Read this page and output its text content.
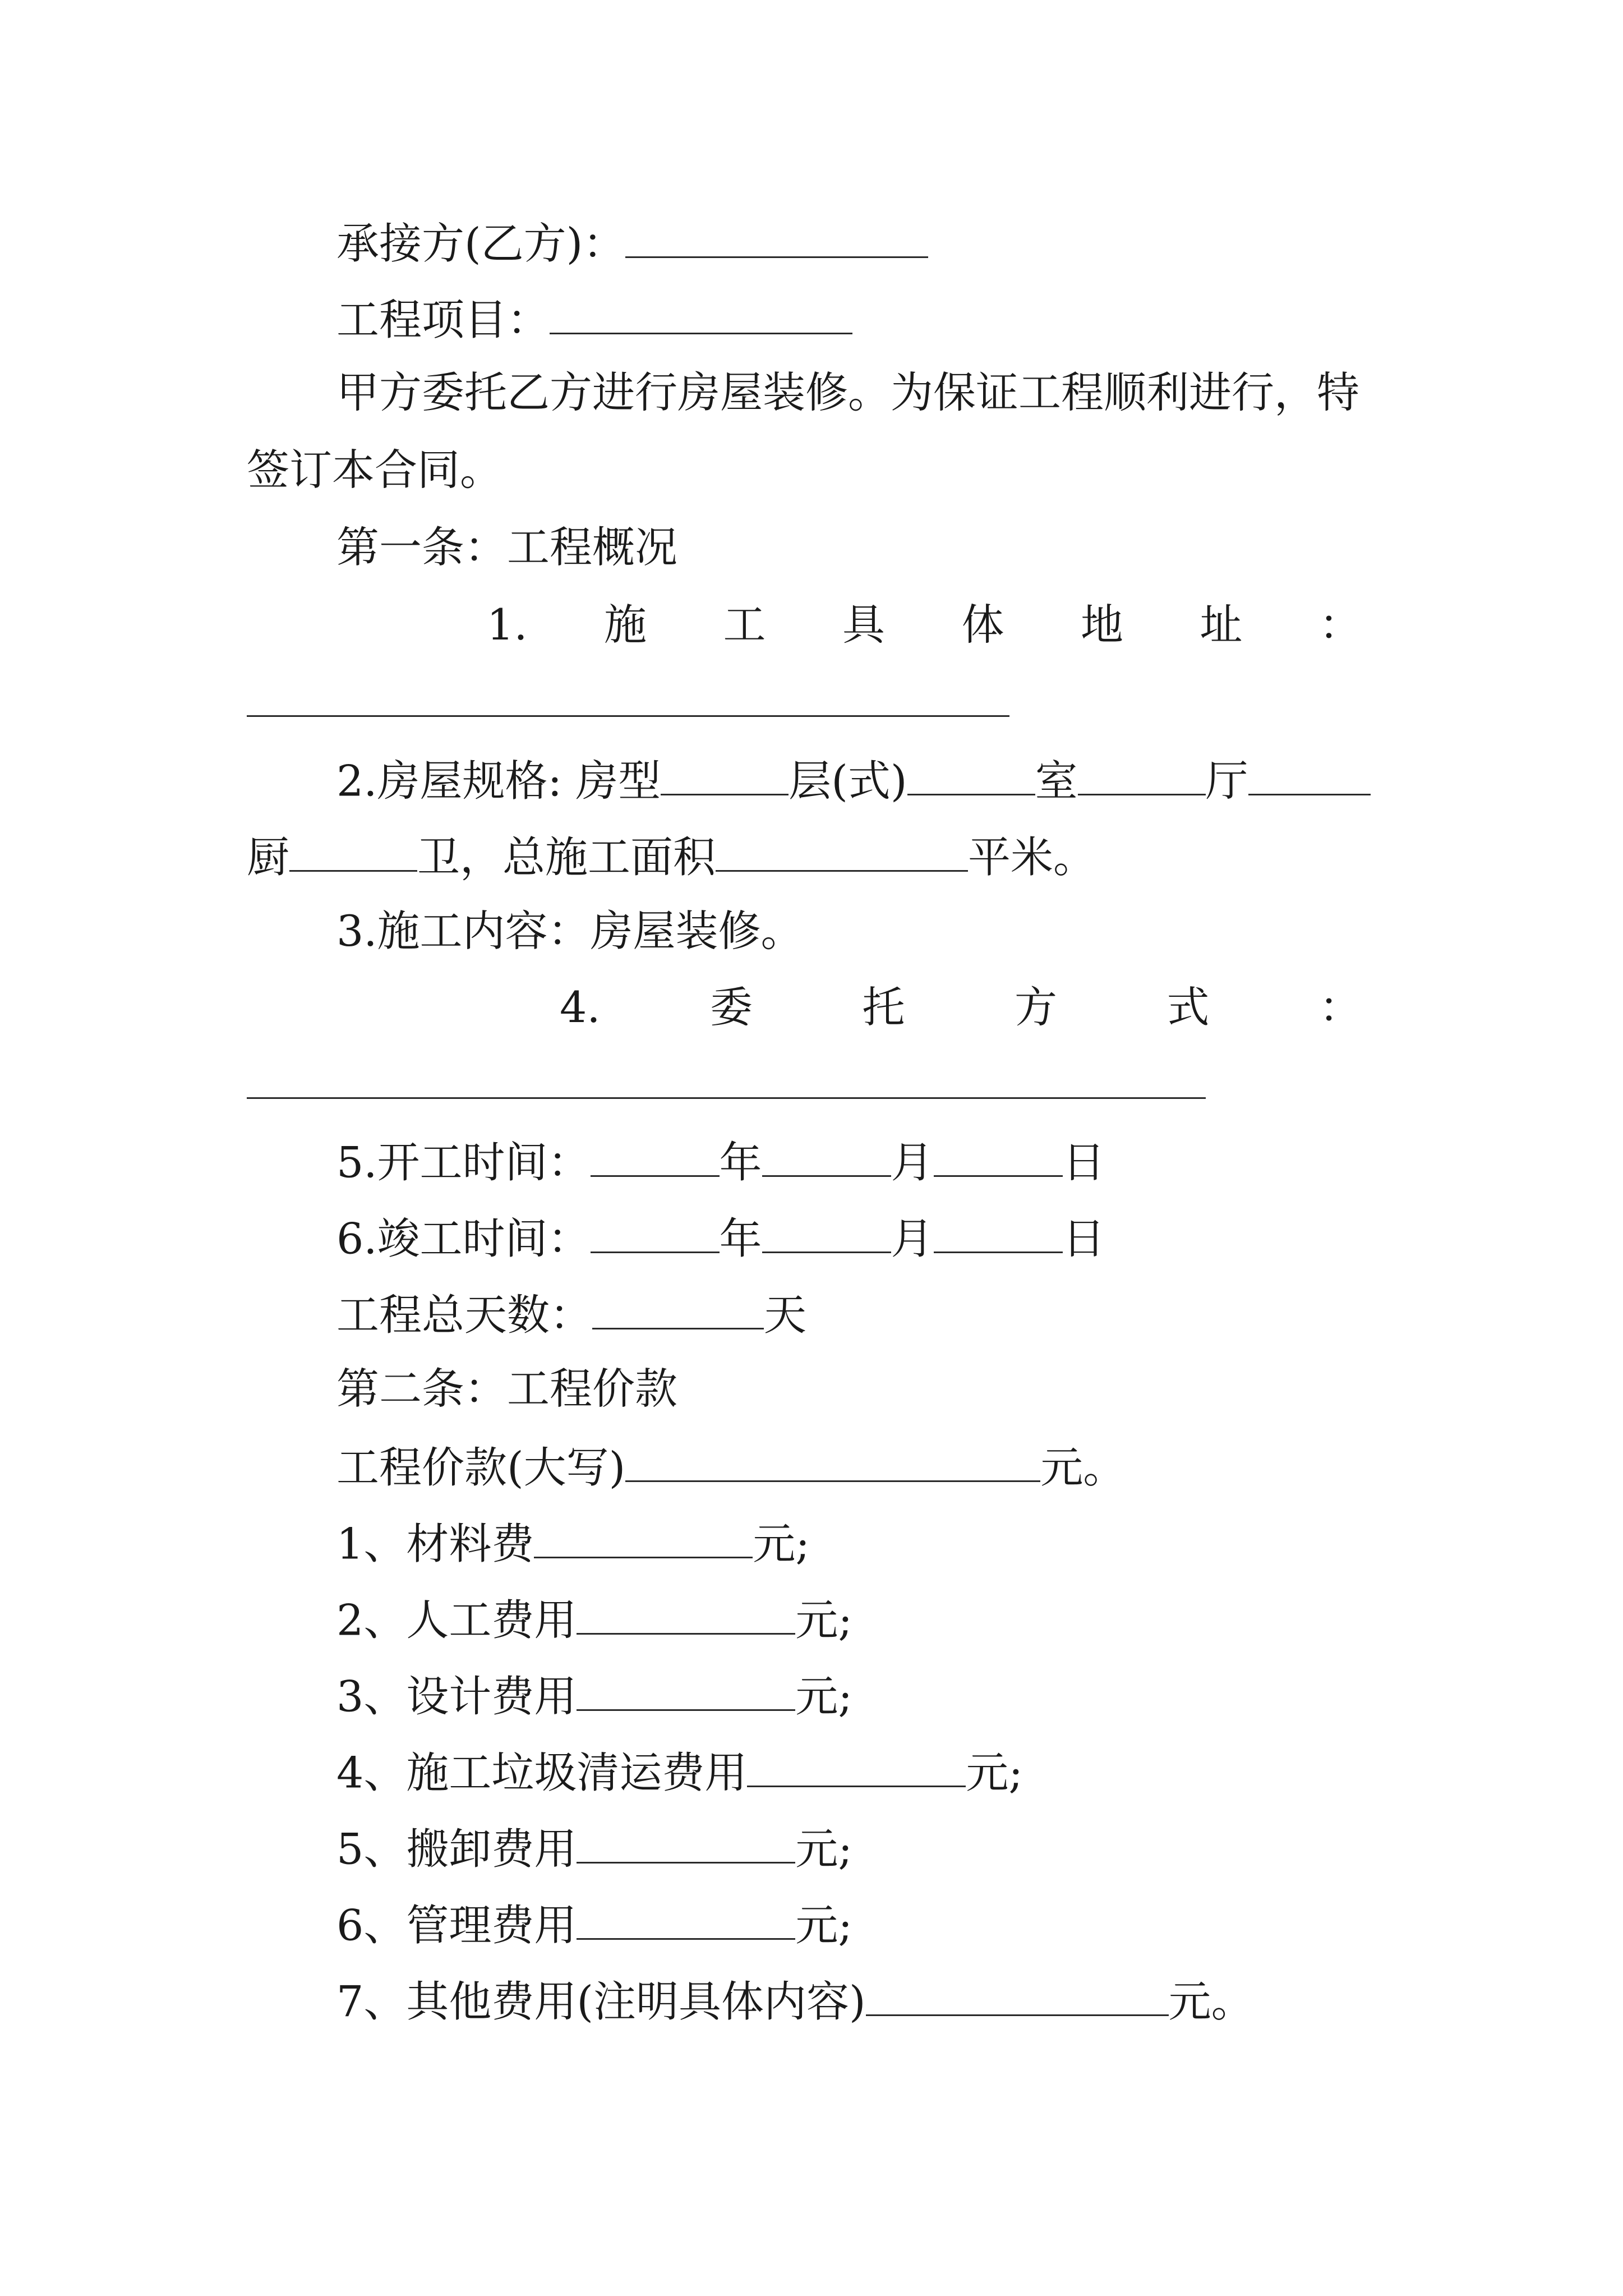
承接方(乙方)：
工程项目：
甲方委托乙方进行房屋装修。为保证工程顺利进行，特
签订本合同。
第一条：工程概况
1. 施 工 具 体 地 址 ：
2.房屋规格: 房型	层(式)	室	厅
厨	卫，总施工面积	平米。
3.施工内容：房屋装修。
4.	委	托	方	式	：
5.开工时间：	年	月	日
6.竣工时间：	年	月	日
工程总天数：	天
第二条：工程价款
工程价款(大写)	元。
1、材料费	元;
2、人工费用	元;
3、设计费用	元;
4、施工垃圾清运费用	元;
5、搬卸费用	元;
6、管理费用	元;
7、其他费用(注明具体内容)	元。
